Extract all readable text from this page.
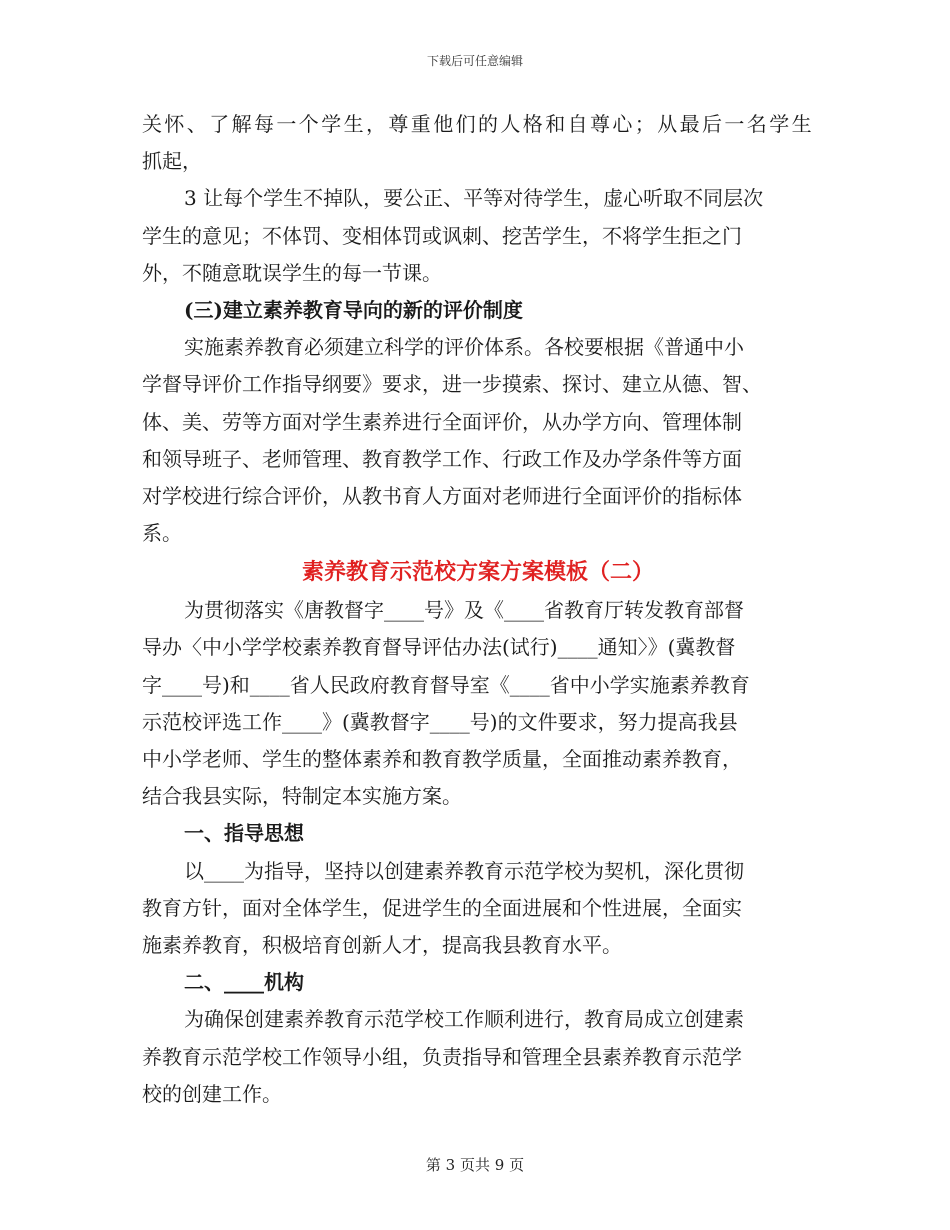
下载后可任意编辑
关怀、了解每一个学生，尊重他们的人格和自尊心；从最后一名学生
抓起，
3 让每个学生不掉队，要公正、平等对待学生，虚心听取不同层次
学生的意见；不体罚、变相体罚或讽刺、挖苦学生，不将学生拒之门
外，不随意耽误学生的每一节课。
(三)建立素养教育导向的新的评价制度
实施素养教育必须建立科学的评价体系。各校要根据《普通中小
学督导评价工作指导纲要》要求，进一步摸索、探讨、建立从德、智、
体、美、劳等方面对学生素养进行全面评价，从办学方向、管理体制
和领导班子、老师管理、教育教学工作、行政工作及办学条件等方面
对学校进行综合评价，从教书育人方面对老师进行全面评价的指标体
系。
素养教育示范校方案方案模板（二）
为贯彻落实《唐教督字____号》及《____省教育厅转发教育部督
导办〈中小学学校素养教育督导评估办法(试行)____通知〉》(冀教督
字____号)和____省人民政府教育督导室《____省中小学实施素养教育
示范校评选工作____》(冀教督字____号)的文件要求，努力提高我县
中小学老师、学生的整体素养和教育教学质量，全面推动素养教育，
结合我县实际，特制定本实施方案。
一、指导思想
以____为指导，坚持以创建素养教育示范学校为契机，深化贯彻
教育方针，面对全体学生，促进学生的全面进展和个性进展，全面实
施素养教育，积极培育创新人才，提高我县教育水平。
二、____机构
为确保创建素养教育示范学校工作顺利进行，教育局成立创建素
养教育示范学校工作领导小组，负责指导和管理全县素养教育示范学
校的创建工作。
第 3 页共 9 页
